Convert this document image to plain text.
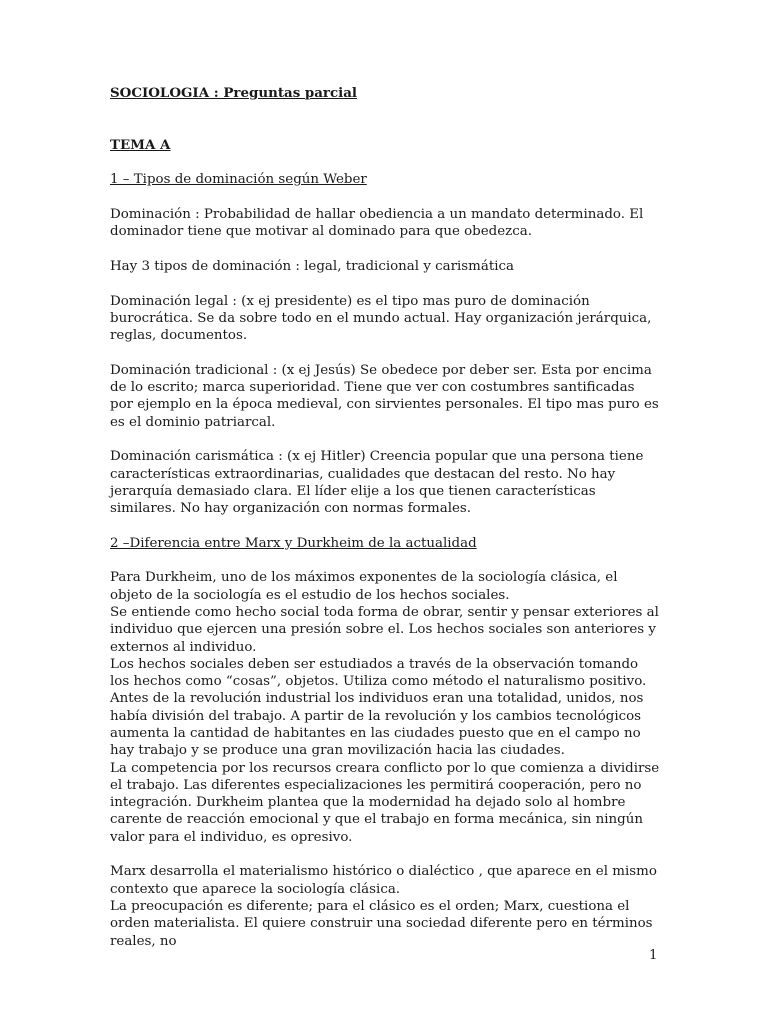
SOCIOLOGIA : Preguntas parcial

TEMA A

1 – Tipos de dominación según Weber

Dominación : Probabilidad de hallar obediencia a un mandato determinado. El dominador tiene que motivar al dominado para que obedezca.

Hay 3 tipos de dominación : legal, tradicional y carismática

Dominación legal : (x ej presidente) es el tipo mas puro de dominación burocrática. Se da sobre todo en el mundo actual. Hay organización jerárquica, reglas, documentos.

Dominación tradicional : (x ej Jesús) Se obedece por deber ser. Esta por encima de lo escrito; marca superioridad. Tiene que ver con costumbres santificadas por ejemplo en la época medieval, con sirvientes personales. El tipo mas puro es es el dominio patriarcal.

Dominación carismática : (x ej Hitler) Creencia popular que una persona tiene características extraordinarias, cualidades que destacan del resto. No hay jerarquía demasiado clara. El líder elije a los que tienen características similares. No hay organización con normas formales.

2 –Diferencia entre Marx y Durkheim de la actualidad

Para Durkheim, uno de los máximos exponentes de la sociología clásica, el objeto de la sociología es el estudio de los hechos sociales.

Se entiende como hecho social toda forma de obrar, sentir y pensar exteriores al individuo que ejercen una presión sobre el. Los hechos sociales son anteriores y externos al individuo.

Los hechos sociales deben ser estudiados a través de la observación tomando los hechos como “cosas”, objetos. Utiliza como método el naturalismo positivo.

Antes de la revolución industrial los individuos eran una totalidad, unidos, nos había división del trabajo. A partir de la revolución y los cambios tecnológicos aumenta la cantidad de habitantes en las ciudades puesto que en el campo no hay trabajo y se produce una gran movilización hacia las ciudades.

La competencia por los recursos creara conflicto por lo que comienza a dividirse el trabajo. Las diferentes especializaciones les permitirá cooperación, pero no integración. Durkheim plantea que la modernidad ha dejado solo al hombre carente de reacción emocional y que el trabajo en forma mecánica, sin ningún valor para el individuo, es opresivo.

Marx desarrolla el materialismo histórico o dialéctico , que aparece en el mismo contexto que aparece la sociología clásica.

La preocupación es diferente; para el clásico es el orden; Marx, cuestiona el orden materialista. El quiere construir una sociedad diferente pero en términos reales, no

1
